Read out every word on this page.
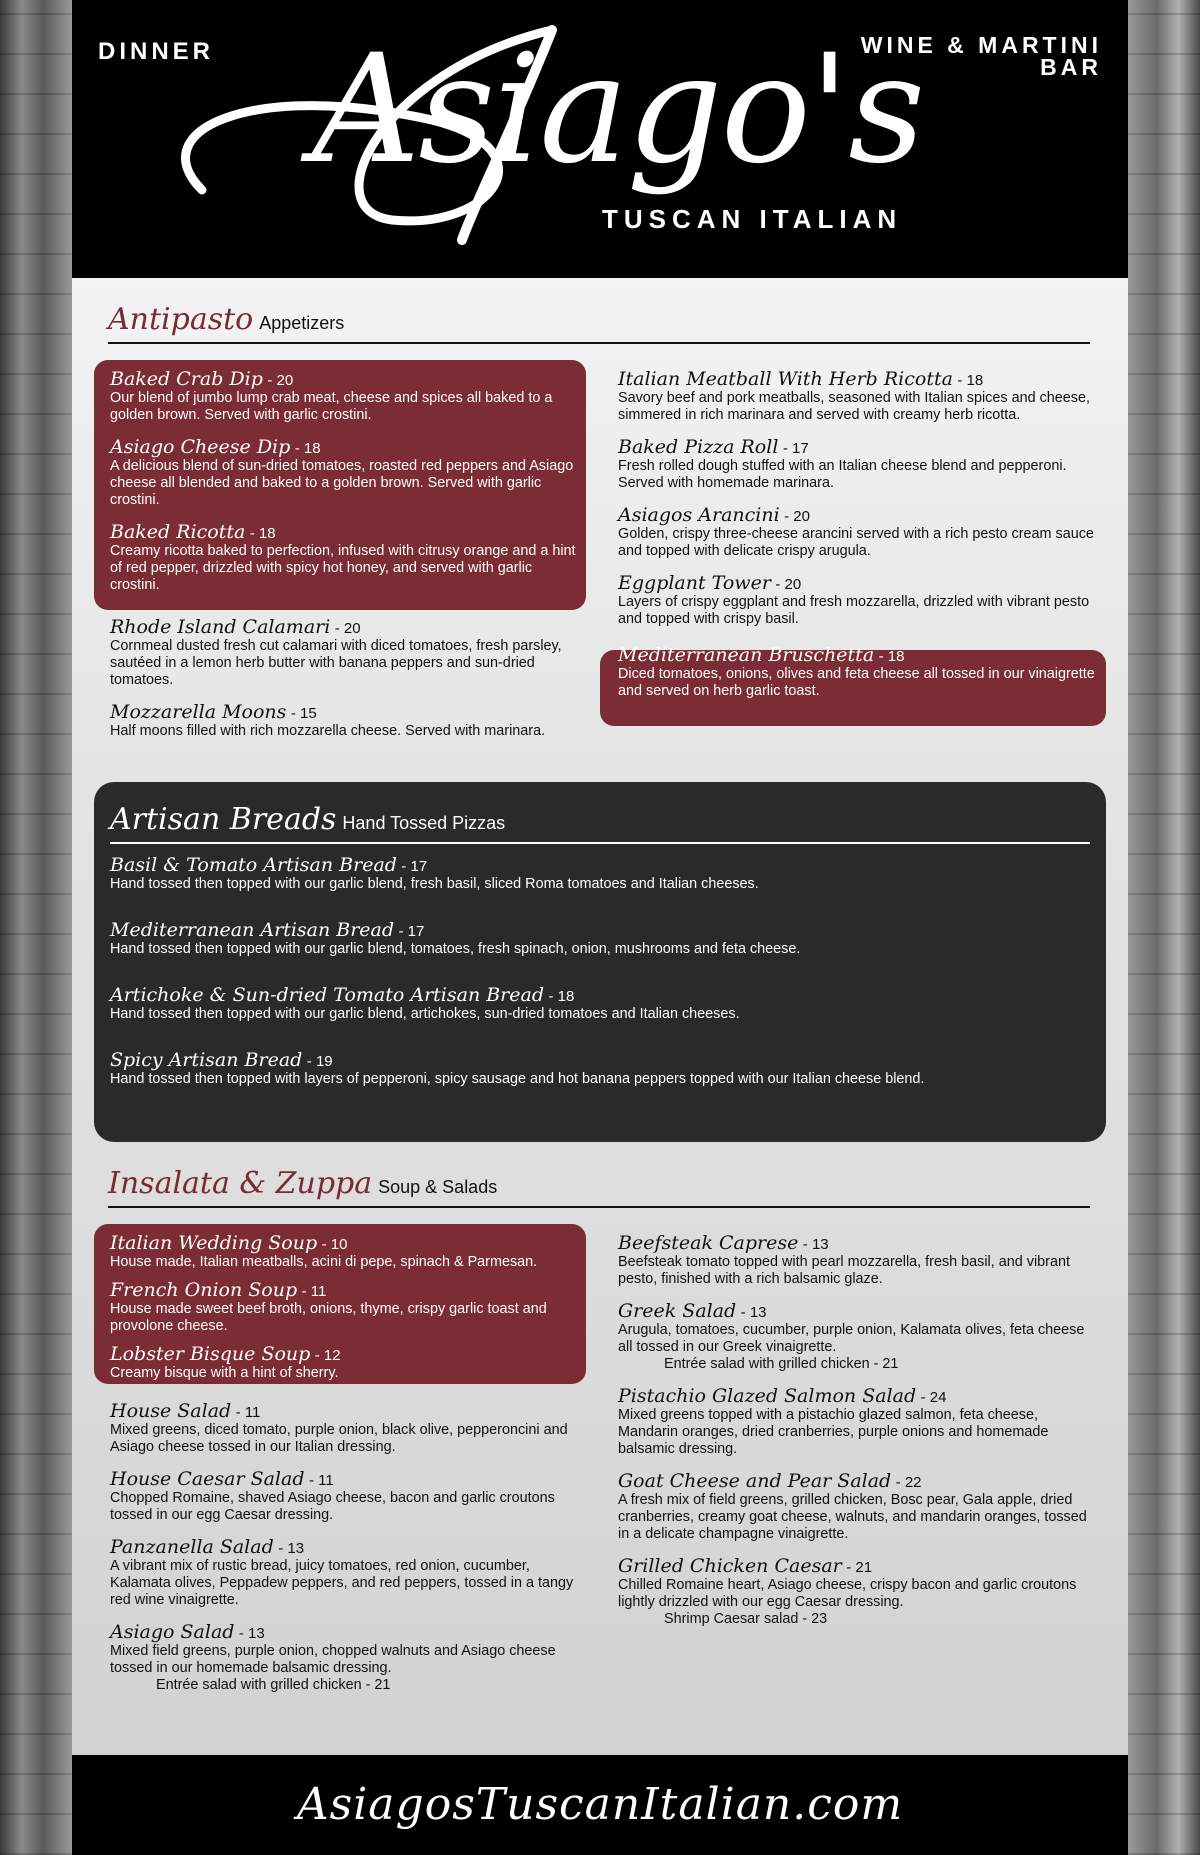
DINNER	WINE & MARTINI
BAR
Asiago's
TUSCAN ITALIAN
Antipasto Appetizers
Baked Crab Dip - 20
Our blend of jumbo lump crab meat, cheese and spices all baked to a golden brown. Served with garlic crostini.
Asiago Cheese Dip - 18
A delicious blend of sun-dried tomatoes, roasted red peppers and Asiago cheese all blended and baked to a golden brown. Served with garlic crostini.
Baked Ricotta - 18
Creamy ricotta baked to perfection, infused with citrusy orange and a hint of red pepper, drizzled with spicy hot honey, and served with garlic crostini.
Rhode Island Calamari - 20
Cornmeal dusted fresh cut calamari with diced tomatoes, fresh parsley, sautéed in a lemon herb butter with banana peppers and sun-dried tomatoes.
Mozzarella Moons - 15
Half moons filled with rich mozzarella cheese. Served with marinara.
Italian Meatball With Herb Ricotta - 18
Savory beef and pork meatballs, seasoned with Italian spices and cheese, simmered in rich marinara and served with creamy herb ricotta.
Baked Pizza Roll - 17
Fresh rolled dough stuffed with an Italian cheese blend and pepperoni. Served with homemade marinara.
Asiagos Arancini - 20
Golden, crispy three-cheese arancini served with a rich pesto cream sauce and topped with delicate crispy arugula.
Eggplant Tower - 20
Layers of crispy eggplant and fresh mozzarella, drizzled with vibrant pesto and topped with crispy basil.
Mediterranean Bruschetta - 18
Diced tomatoes, onions, olives and feta cheese all tossed in our vinaigrette and served on herb garlic toast.
Artisan Breads Hand Tossed Pizzas
Basil & Tomato Artisan Bread - 17
Hand tossed then topped with our garlic blend, fresh basil, sliced Roma tomatoes and Italian cheeses.
Mediterranean Artisan Bread - 17
Hand tossed then topped with our garlic blend, tomatoes, fresh spinach, onion, mushrooms and feta cheese.
Artichoke & Sun-dried Tomato Artisan Bread - 18
Hand tossed then topped with our garlic blend, artichokes, sun-dried tomatoes and Italian cheeses.
Spicy Artisan Bread - 19
Hand tossed then topped with layers of pepperoni, spicy sausage and hot banana peppers topped with our Italian cheese blend.
Insalata & Zuppa Soup & Salads
Italian Wedding Soup - 10
House made, Italian meatballs, acini di pepe, spinach & Parmesan.
French Onion Soup - 11
House made sweet beef broth, onions, thyme, crispy garlic toast and provolone cheese.
Lobster Bisque Soup - 12
Creamy bisque with a hint of sherry.
House Salad - 11
Mixed greens, diced tomato, purple onion, black olive, pepperoncini and Asiago cheese tossed in our Italian dressing.
House Caesar Salad - 11
Chopped Romaine, shaved Asiago cheese, bacon and garlic croutons tossed in our egg Caesar dressing.
Panzanella Salad - 13
A vibrant mix of rustic bread, juicy tomatoes, red onion, cucumber, Kalamata olives, Peppadew peppers, and red peppers, tossed in a tangy red wine vinaigrette.
Asiago Salad - 13
Mixed field greens, purple onion, chopped walnuts and Asiago cheese tossed in our homemade balsamic dressing.
Entrée salad with grilled chicken - 21
Beefsteak Caprese - 13
Beefsteak tomato topped with pearl mozzarella, fresh basil, and vibrant pesto, finished with a rich balsamic glaze.
Greek Salad - 13
Arugula, tomatoes, cucumber, purple onion, Kalamata olives, feta cheese all tossed in our Greek vinaigrette.
Entrée salad with grilled chicken - 21
Pistachio Glazed Salmon Salad - 24
Mixed greens topped with a pistachio glazed salmon, feta cheese, Mandarin oranges, dried cranberries, purple onions and homemade balsamic dressing.
Goat Cheese and Pear Salad - 22
A fresh mix of field greens, grilled chicken, Bosc pear, Gala apple, dried cranberries, creamy goat cheese, walnuts, and mandarin oranges, tossed in a delicate champagne vinaigrette.
Grilled Chicken Caesar - 21
Chilled Romaine heart, Asiago cheese, crispy bacon and garlic croutons lightly drizzled with our egg Caesar dressing.
Shrimp Caesar salad - 23
AsiagosTuscanItalian.com
